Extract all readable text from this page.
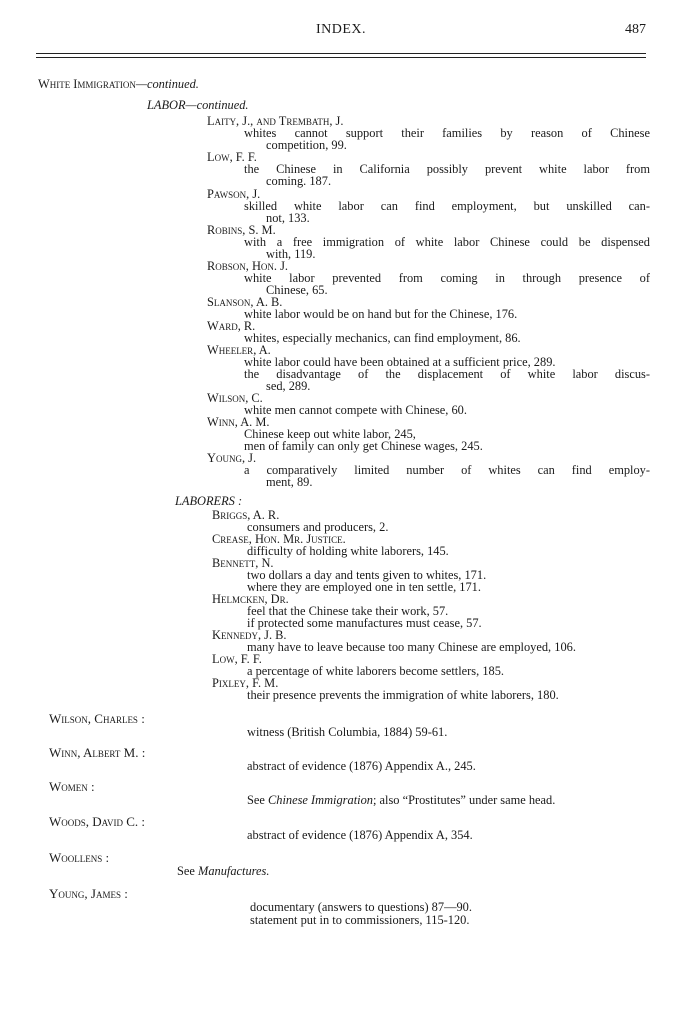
INDEX.	487
White Immigration—continued.
LABOR—continued.
Laity, J., and Trembath, J.
whites cannot support their families by reason of Chinese
competition, 99.
Low, F. F.
the Chinese in California possibly prevent white labor from
coming. 187.
Pawson, J.
skilled white labor can find employment, but unskilled can-
not, 133.
Robins, S. M.
with a free immigration of white labor Chinese could be dispensed
with, 119.
Robson, Hon. J.
white labor prevented from coming in through presence of
Chinese, 65.
Slanson, A. B.
white labor would be on hand but for the Chinese, 176.
Ward, R.
whites, especially mechanics, can find employment, 86.
Wheeler, A.
white labor could have been obtained at a sufficient price, 289.
the disadvantage of the displacement of white labor discus-
sed, 289.
Wilson, C.
white men cannot compete with Chinese, 60.
Winn, A. M.
Chinese keep out white labor, 245,
men of family can only get Chinese wages, 245.
Young, J.
a comparatively limited number of whites can find employ-
ment, 89.
LABORERS :
Briggs, A. R.
consumers and producers, 2.
Crease, Hon. Mr. Justice.
difficulty of holding white laborers, 145.
Bennett, N.
two dollars a day and tents given to whites, 171.
where they are employed one in ten settle, 171.
Helmcken, Dr.
feel that the Chinese take their work, 57.
if protected some manufactures must cease, 57.
Kennedy, J. B.
many have to leave because too many Chinese are employed, 106.
Low, F. F.
a percentage of white laborers become settlers, 185.
Pixley, F. M.
their presence prevents the immigration of white laborers, 180.
Wilson, Charles :
witness (British Columbia, 1884) 59-61.
Winn, Albert M. :
abstract of evidence (1876) Appendix A., 245.
Women :
See Chinese Immigration; also “Prostitutes” under same head.
Woods, David C. :
abstract of evidence (1876) Appendix A, 354.
Woollens :
See Manufactures.
Young, James :
documentary (answers to questions) 87—90.
statement put in to commissioners, 115-120.
